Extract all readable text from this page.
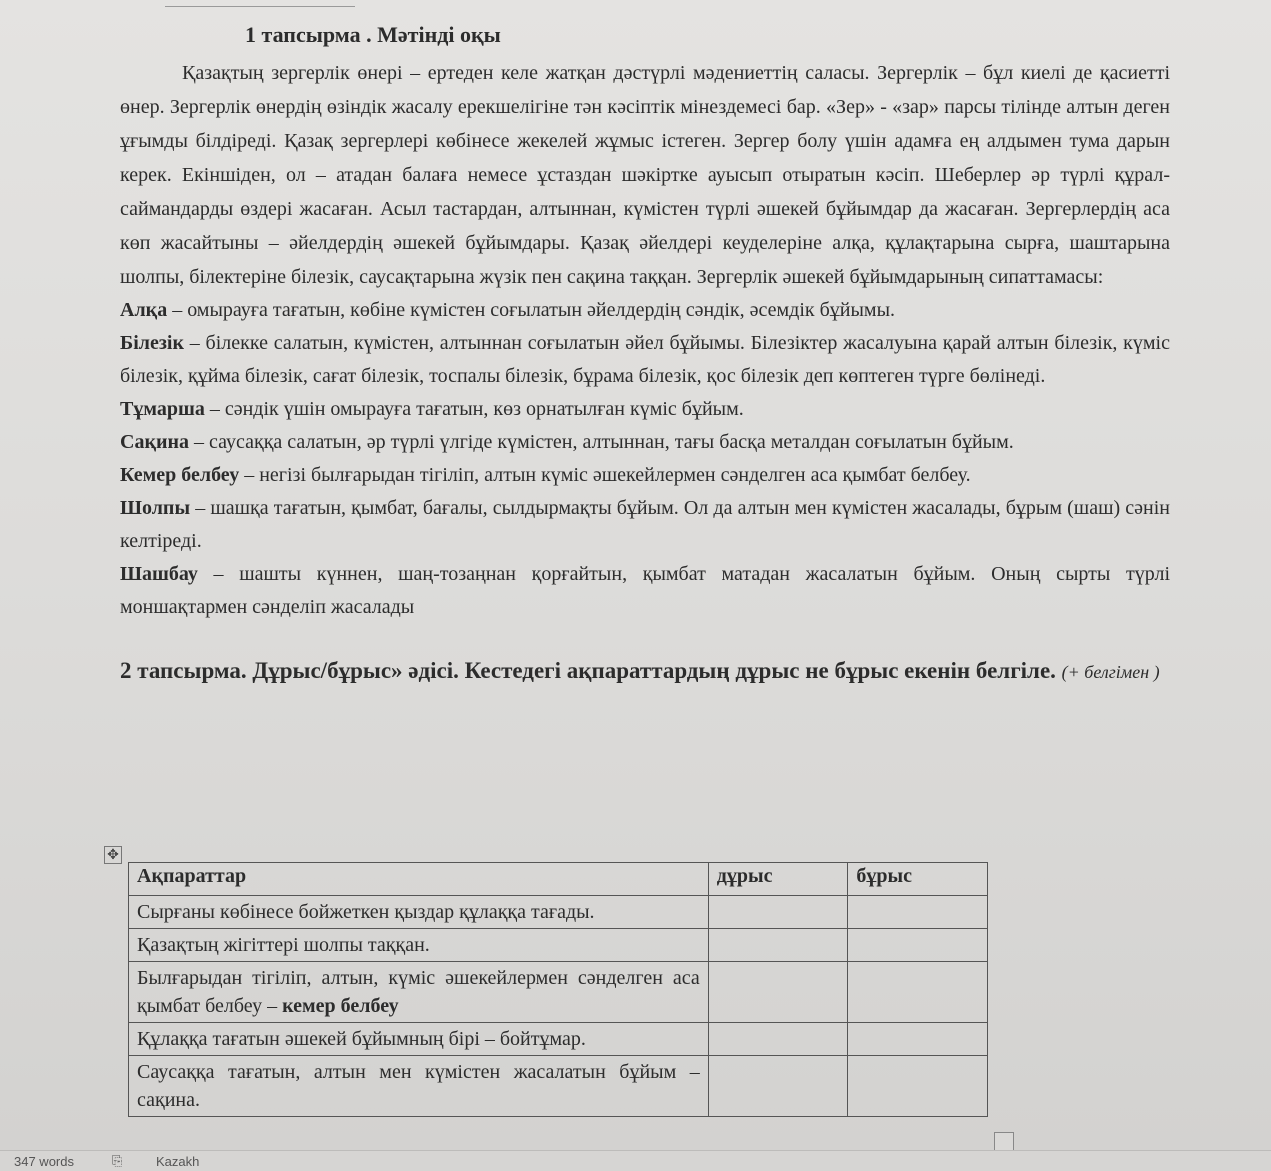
1 тапсырма . Мәтінді оқы

Қазақтың зергерлік өнері – ертеден келе жатқан дәстүрлі мәдениеттің саласы. Зергерлік – бұл киелі де қасиетті өнер. Зергерлік өнердің өзіндік жасалу ерекшелігіне тән кәсіптік мінездемесі бар. «Зер» - «зар» парсы тілінде алтын деген ұғымды білдіреді. Қазақ зергерлері көбінесе жекелей жұмыс істеген. Зергер болу үшін адамға ең алдымен тума дарын керек. Екіншіден, ол – атадан балаға немесе ұстаздан шәкіртке ауысып отыратын кәсіп. Шеберлер әр түрлі құрал-саймандарды өздері жасаған. Асыл тастардан, алтыннан, күмістен түрлі әшекей бұйымдар да жасаған. Зергерлердің аса көп жасайтыны – әйелдердің әшекей бұйымдары. Қазақ әйелдері кеуделеріне алқа, құлақтарына сырға, шаштарына шолпы, білектеріне білезік, саусақтарына жүзік пен сақина таққан. Зергерлік әшекей бұйымдарының сипаттамасы:

Алқа – омырауға тағатын, көбіне күмістен соғылатын әйелдердің сәндік, әсемдік бұйымы.

Білезік – білекке салатын, күмістен, алтыннан соғылатын әйел бұйымы. Білезіктер жасалуына қарай алтын білезік, күміс білезік, құйма білезік, сағат білезік, тоспалы білезік, бұрама білезік, қос білезік деп көптеген түрге бөлінеді.

Тұмарша – сәндік үшін омырауға тағатын, көз орнатылған күміс бұйым.

Сақина – саусаққа салатын, әр түрлі үлгіде күмістен, алтыннан, тағы басқа металдан соғылатын бұйым.

Кемер белбеу – негізі былғарыдан тігіліп, алтын күміс әшекейлермен сәнделген аса қымбат белбеу.

Шолпы – шашқа тағатын, қымбат, бағалы, сылдырмақты бұйым. Ол да алтын мен күмістен жасалады, бұрым (шаш) сәнін келтіреді.

Шашбау – шашты күннен, шаң-тозаңнан қорғайтын, қымбат матадан жасалатын бұйым. Оның сырты түрлі моншақтармен сәнделіп жасалады

2 тапсырма. Дұрыс/бұрыс» әдісі. Кестедегі ақпараттардың дұрыс не бұрыс екенін белгіле. (+ белгімен )
✥
Ақпараттар	дұрыс	бұрыс
Сырғаны көбінесе бойжеткен қыздар құлаққа тағады.		
Қазақтың жігіттері шолпы таққан.		
Былғарыдан тігіліп, алтын, күміс әшекейлермен сәнделген аса қымбат белбеу – кемер белбеу		
Құлаққа тағатын әшекей бұйымның бірі – бойтұмар.		
Саусаққа тағатын, алтын мен күмістен жасалатын бұйым – сақина.		
347 words	⎘	Kazakh
